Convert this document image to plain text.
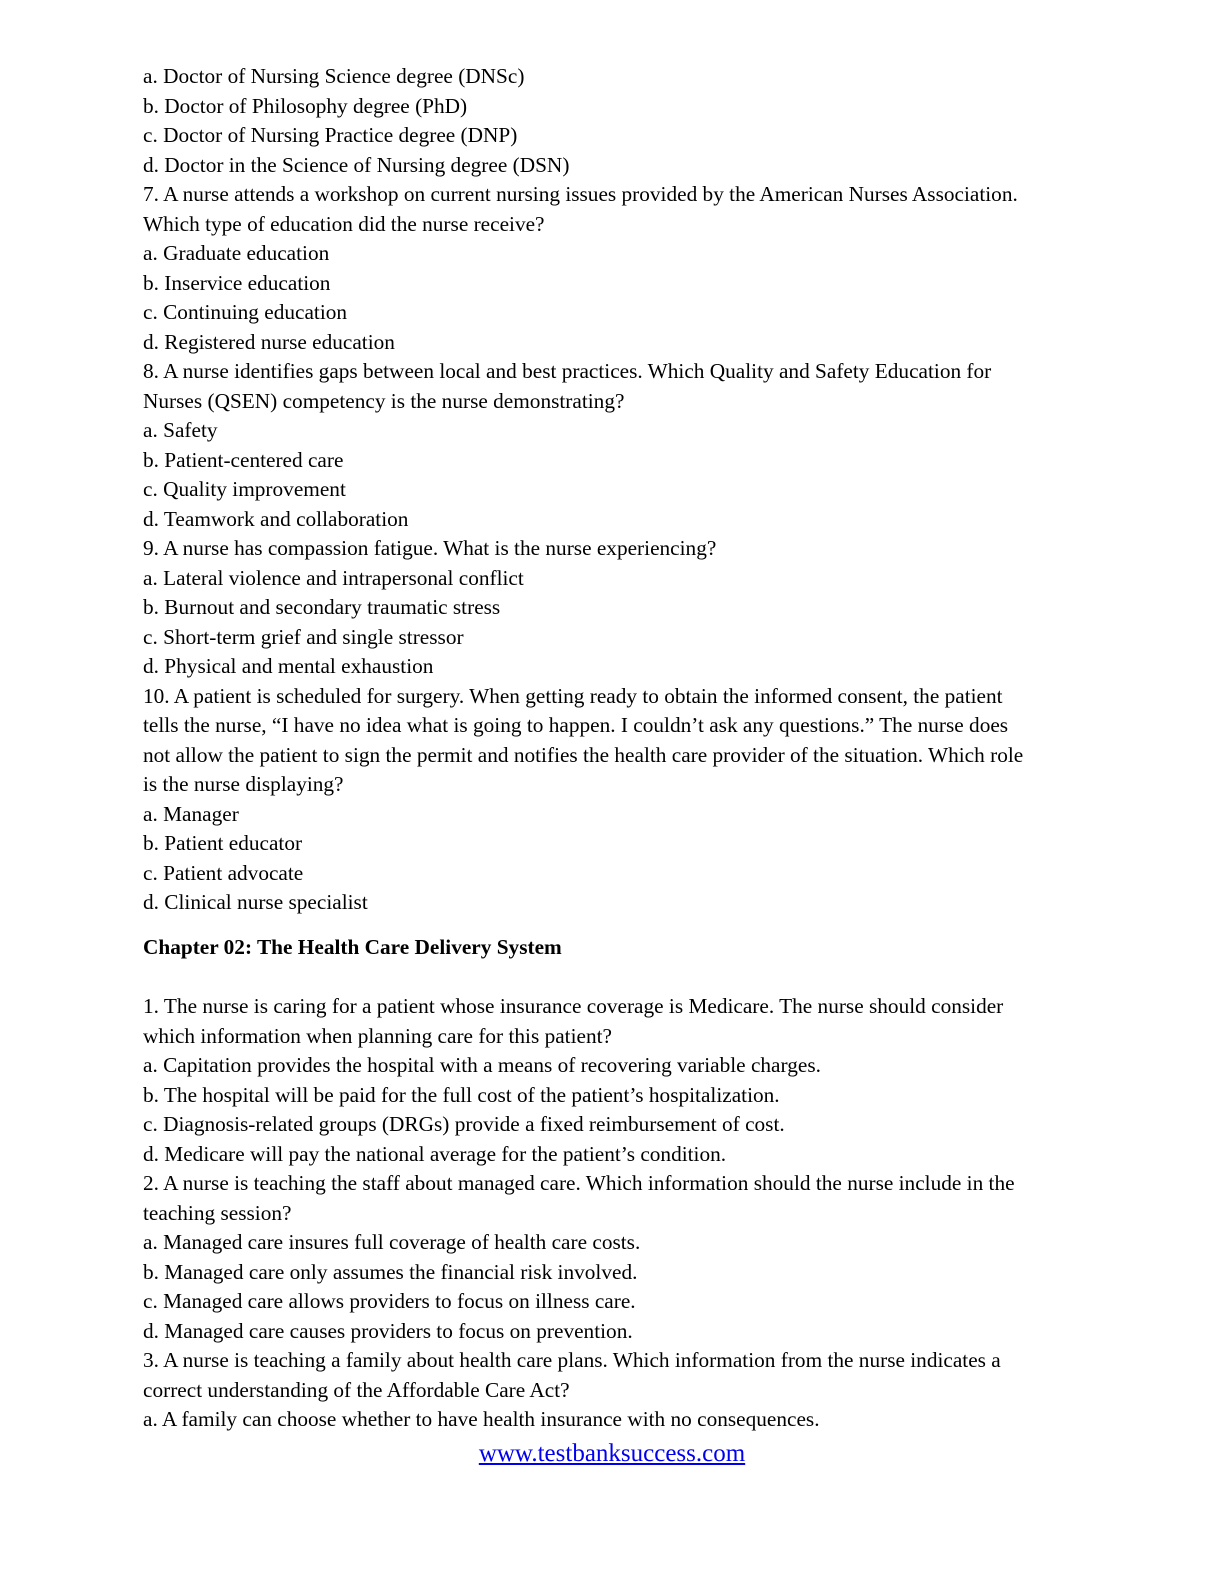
a. Doctor of Nursing Science degree (DNSc)

b. Doctor of Philosophy degree (PhD)

c. Doctor of Nursing Practice degree (DNP)

d. Doctor in the Science of Nursing degree (DSN)

7. A nurse attends a workshop on current nursing issues provided by the American Nurses Association.

Which type of education did the nurse receive?

a. Graduate education

b. Inservice education

c. Continuing education

d. Registered nurse education

8. A nurse identifies gaps between local and best practices. Which Quality and Safety Education for

Nurses (QSEN) competency is the nurse demonstrating?

a. Safety

b. Patient-centered care

c. Quality improvement

d. Teamwork and collaboration

9. A nurse has compassion fatigue. What is the nurse experiencing?

a. Lateral violence and intrapersonal conflict

b. Burnout and secondary traumatic stress

c. Short-term grief and single stressor

d. Physical and mental exhaustion

10. A patient is scheduled for surgery. When getting ready to obtain the informed consent, the patient

tells the nurse, “I have no idea what is going to happen. I couldn’t ask any questions.” The nurse does

not allow the patient to sign the permit and notifies the health care provider of the situation. Which role

is the nurse displaying?

a. Manager

b. Patient educator

c. Patient advocate

d. Clinical nurse specialist

Chapter 02: The Health Care Delivery System

1. The nurse is caring for a patient whose insurance coverage is Medicare. The nurse should consider

which information when planning care for this patient?

a. Capitation provides the hospital with a means of recovering variable charges.

b. The hospital will be paid for the full cost of the patient’s hospitalization.

c. Diagnosis-related groups (DRGs) provide a fixed reimbursement of cost.

d. Medicare will pay the national average for the patient’s condition.

2. A nurse is teaching the staff about managed care. Which information should the nurse include in the

teaching session?

a. Managed care insures full coverage of health care costs.

b. Managed care only assumes the financial risk involved.

c. Managed care allows providers to focus on illness care.

d. Managed care causes providers to focus on prevention.

3. A nurse is teaching a family about health care plans. Which information from the nurse indicates a

correct understanding of the Affordable Care Act?

a. A family can choose whether to have health insurance with no consequences.

www.testbanksuccess.com
